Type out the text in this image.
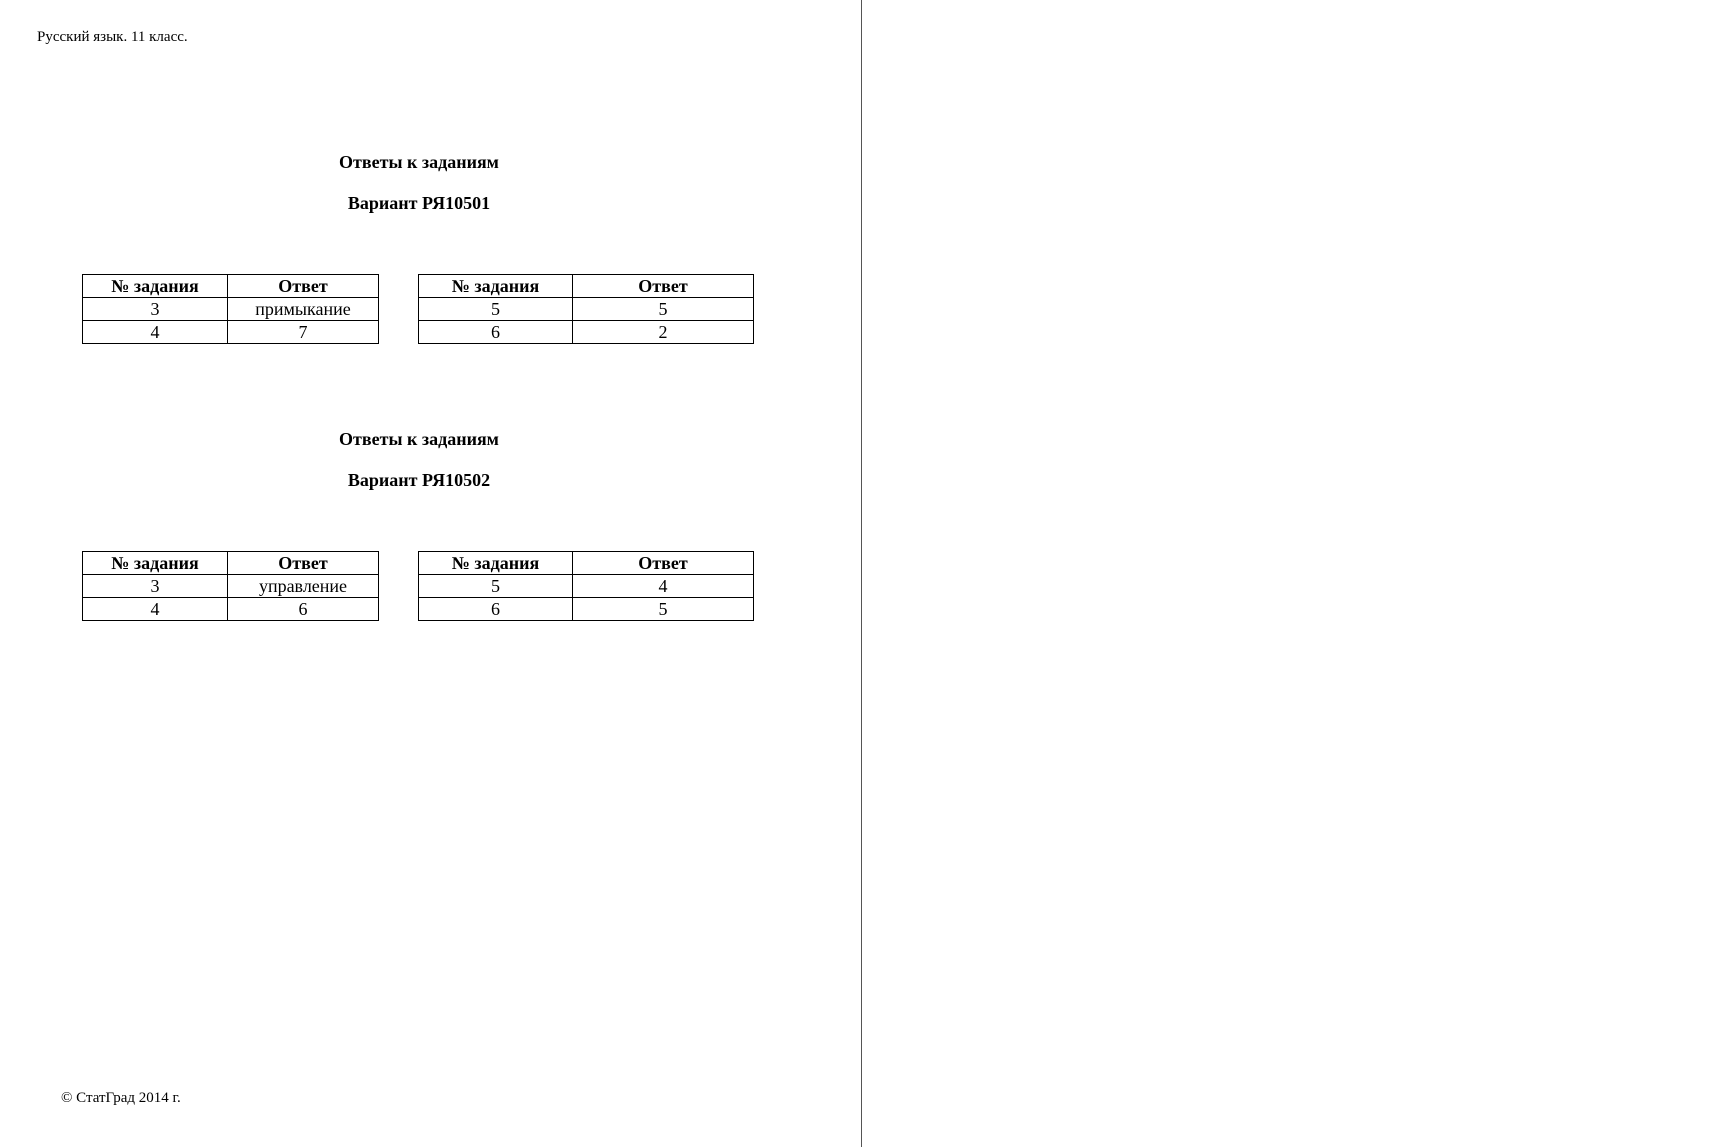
Русский язык. 11 класс.
Ответы к заданиям
Вариант РЯ10501
№ задания	Ответ
3	примыкание
4	7
№ задания	Ответ
5	5
6	2
Ответы к заданиям
Вариант РЯ10502
№ задания	Ответ
3	управление
4	6
№ задания	Ответ
5	4
6	5
© СтатГрад 2014 г.
